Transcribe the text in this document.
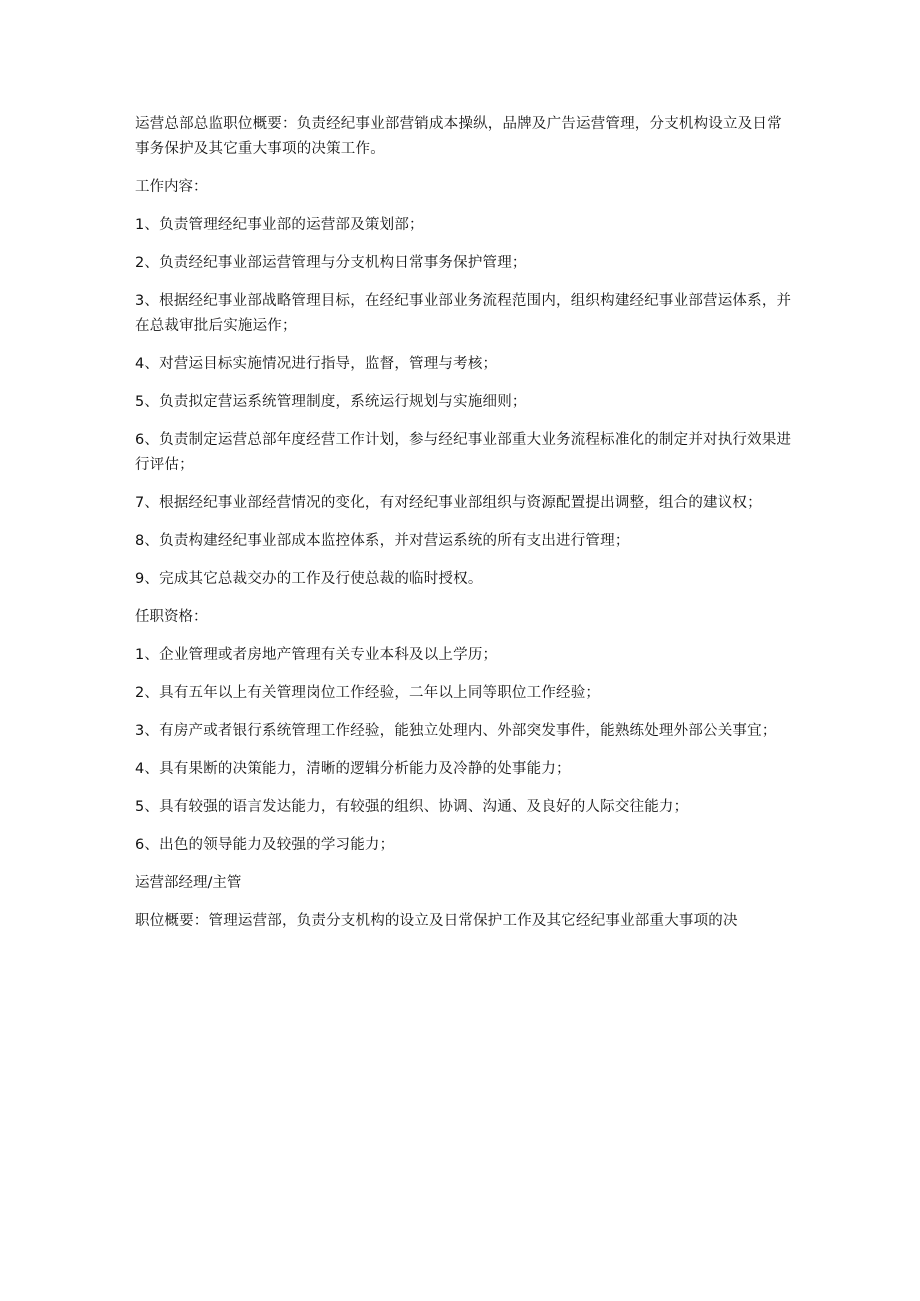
运营总部总监职位概要：负责经纪事业部营销成本操纵，品牌及广告运营管理，分支机构设立及日常事务保护及其它重大事项的决策工作。

工作内容：

1、负责管理经纪事业部的运营部及策划部；

2、负责经纪事业部运营管理与分支机构日常事务保护管理；

3、根据经纪事业部战略管理目标，在经纪事业部业务流程范围内，组织构建经纪事业部营运体系，并在总裁审批后实施运作；

4、对营运目标实施情况进行指导，监督，管理与考核；

5、负责拟定营运系统管理制度，系统运行规划与实施细则；

6、负责制定运营总部年度经营工作计划，参与经纪事业部重大业务流程标准化的制定并对执行效果进行评估；

7、根据经纪事业部经营情况的变化，有对经纪事业部组织与资源配置提出调整，组合的建议权；

8、负责构建经纪事业部成本监控体系，并对营运系统的所有支出进行管理；

9、完成其它总裁交办的工作及行使总裁的临时授权。

任职资格：

1、企业管理或者房地产管理有关专业本科及以上学历；

2、具有五年以上有关管理岗位工作经验，二年以上同等职位工作经验；

3、有房产或者银行系统管理工作经验，能独立处理内、外部突发事件，能熟练处理外部公关事宜；

4、具有果断的决策能力，清晰的逻辑分析能力及冷静的处事能力；

5、具有较强的语言发达能力，有较强的组织、协调、沟通、及良好的人际交往能力；

6、出色的领导能力及较强的学习能力；

运营部经理/主管

职位概要：管理运营部，负责分支机构的设立及日常保护工作及其它经纪事业部重大事项的决
